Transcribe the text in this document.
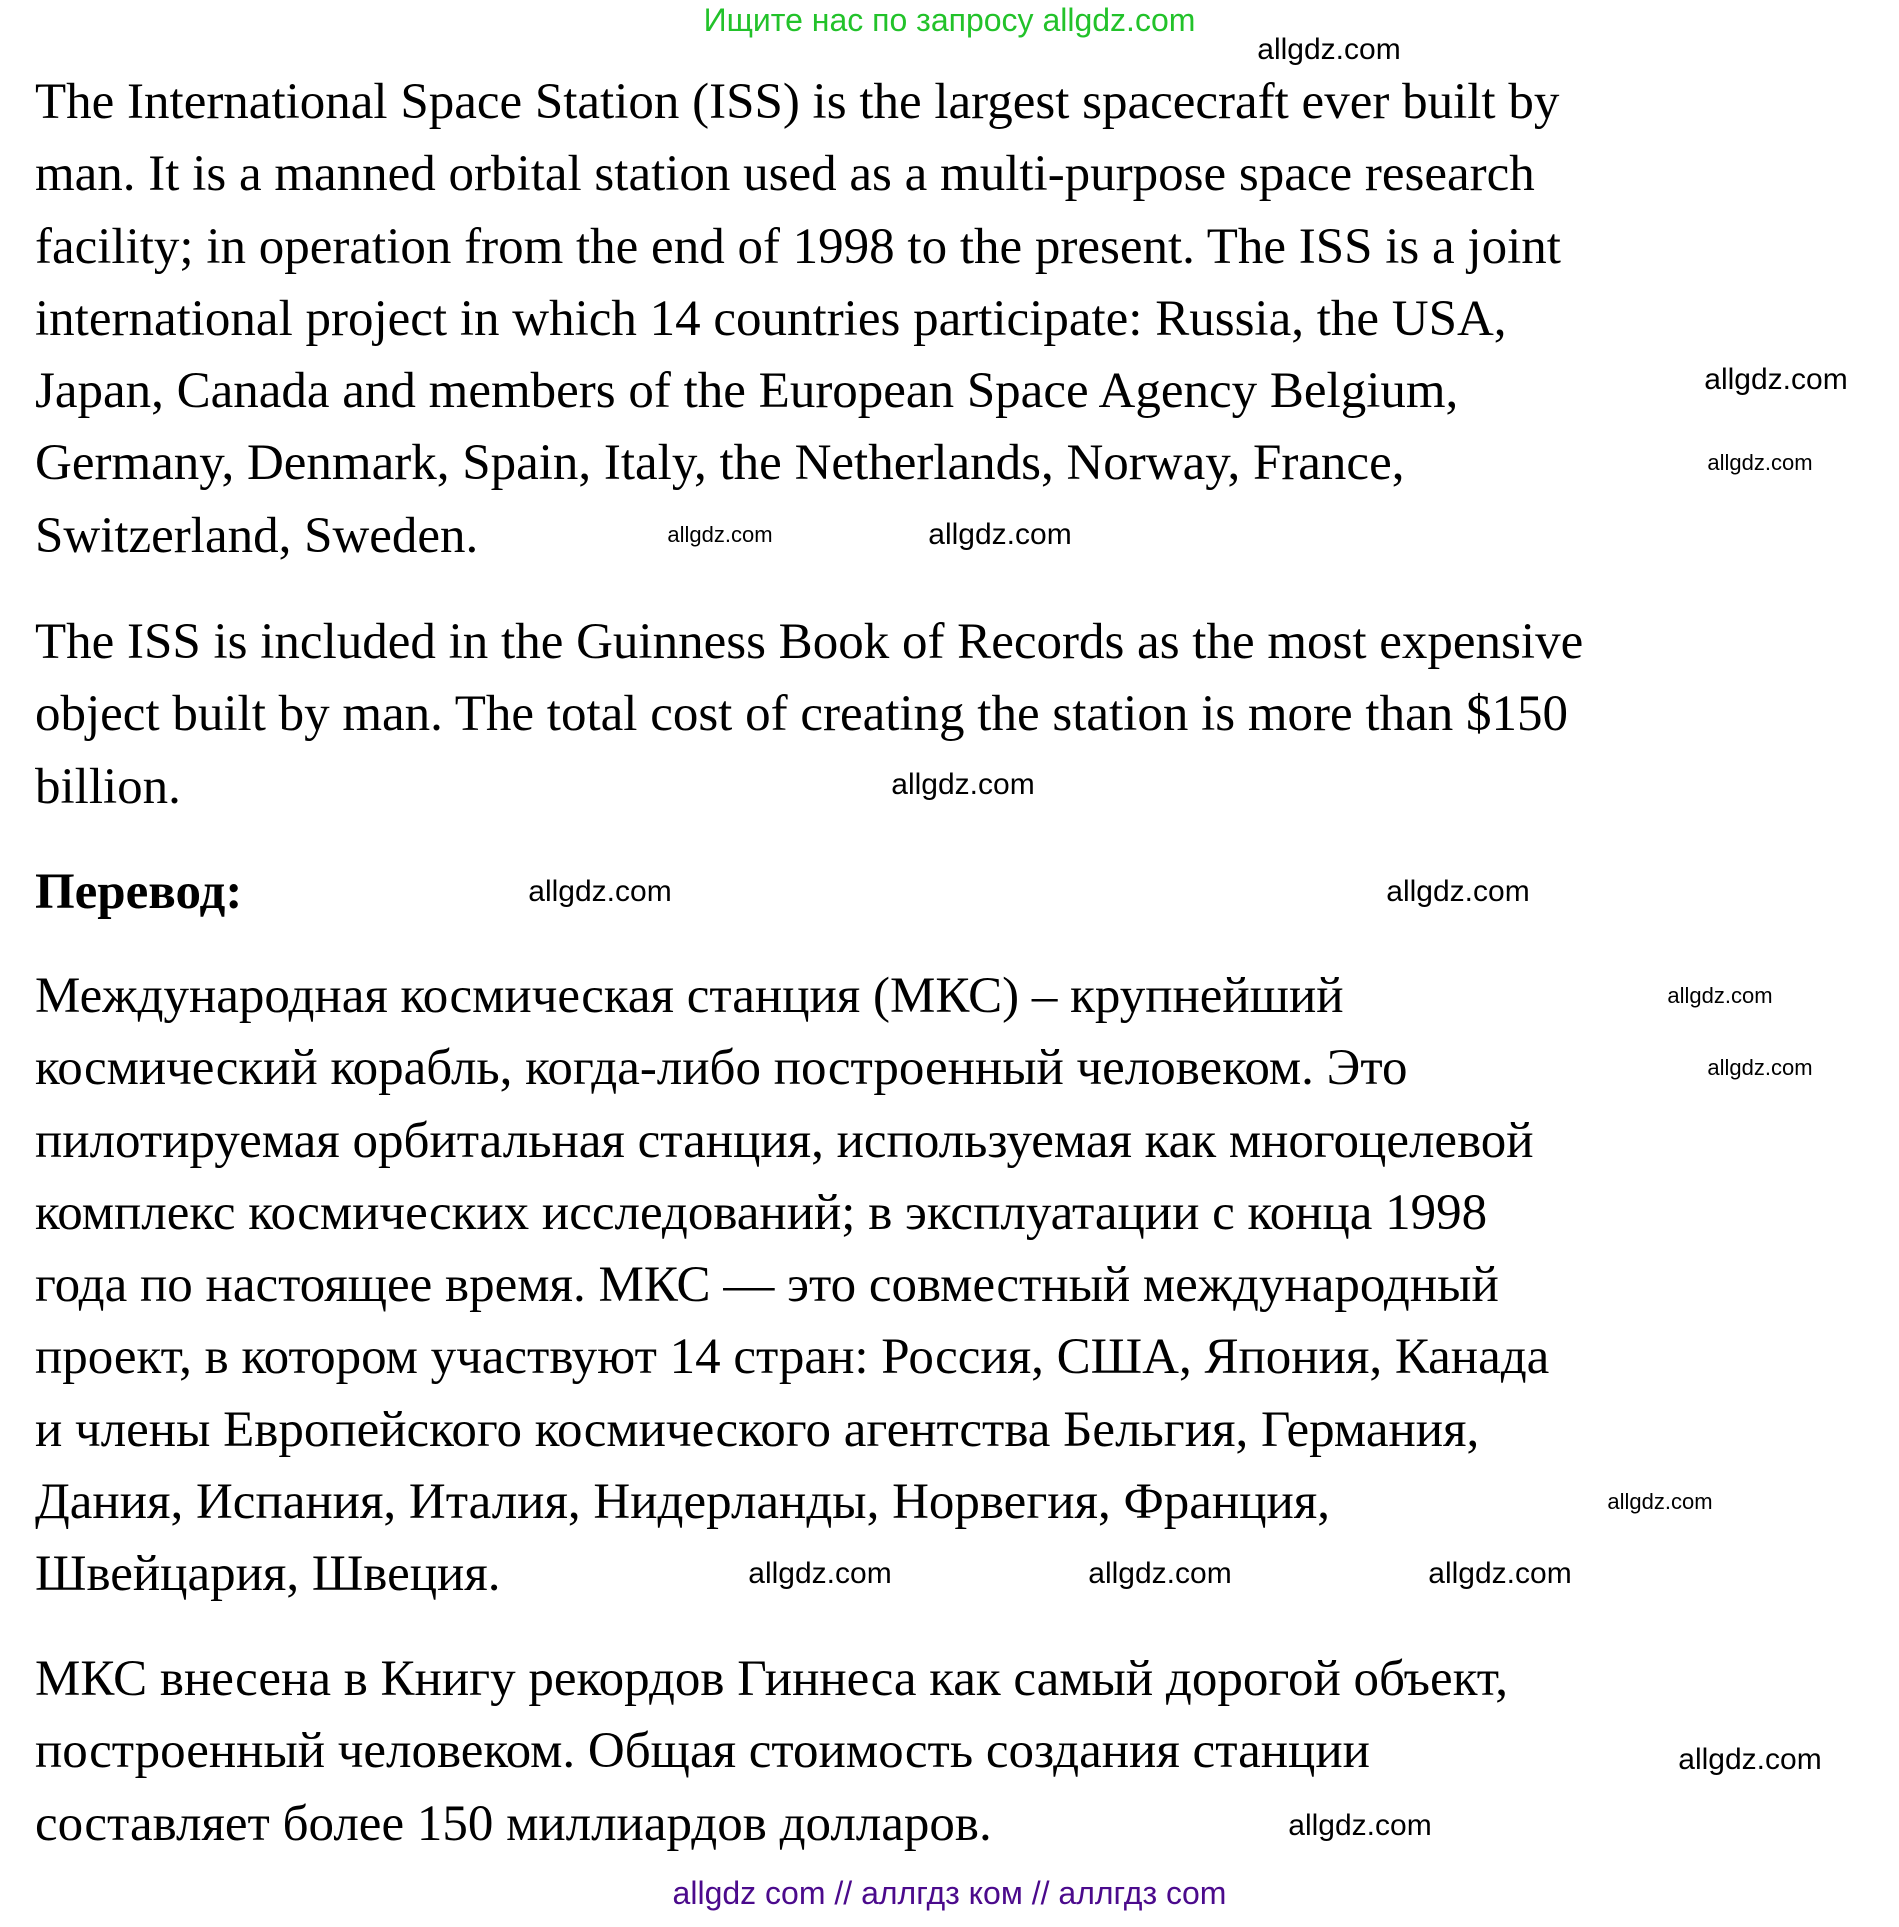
Ищите нас по запросу allgdz.com
The International Space Station (ISS) is the largest spacecraft ever built by
man. It is a manned orbital station used as a multi-purpose space research
facility; in operation from the end of 1998 to the present. The ISS is a joint
international project in which 14 countries participate: Russia, the USA,
Japan, Canada and members of the European Space Agency Belgium,
Germany, Denmark, Spain, Italy, the Netherlands, Norway, France,
Switzerland, Sweden.
The ISS is included in the Guinness Book of Records as the most expensive
object built by man. The total cost of creating the station is more than $150
billion.
Перевод:
Международная космическая станция (МКС) – крупнейший
космический корабль, когда-либо построенный человеком. Это
пилотируемая орбитальная станция, используемая как многоцелевой
комплекс космических исследований; в эксплуатации с конца 1998
года по настоящее время. МКС — это совместный международный
проект, в котором участвуют 14 стран: Россия, США, Япония, Канада
и члены Европейского космического агентства Бельгия, Германия,
Дания, Испания, Италия, Нидерланды, Норвегия, Франция,
Швейцария, Швеция.
МКС внесена в Книгу рекордов Гиннеса как самый дорогой объект,
построенный человеком. Общая стоимость создания станции
составляет более 150 миллиардов долларов.
allgdz.com
allgdz.com
allgdz.com
allgdz.com
allgdz.com
allgdz.com
allgdz.com
allgdz.com
allgdz.com
allgdz.com
allgdz.com
allgdz.com
allgdz.com	allgdz.com
allgdz.com
allgdz.com
allgdz com // аллгдз ком // аллгдз com
